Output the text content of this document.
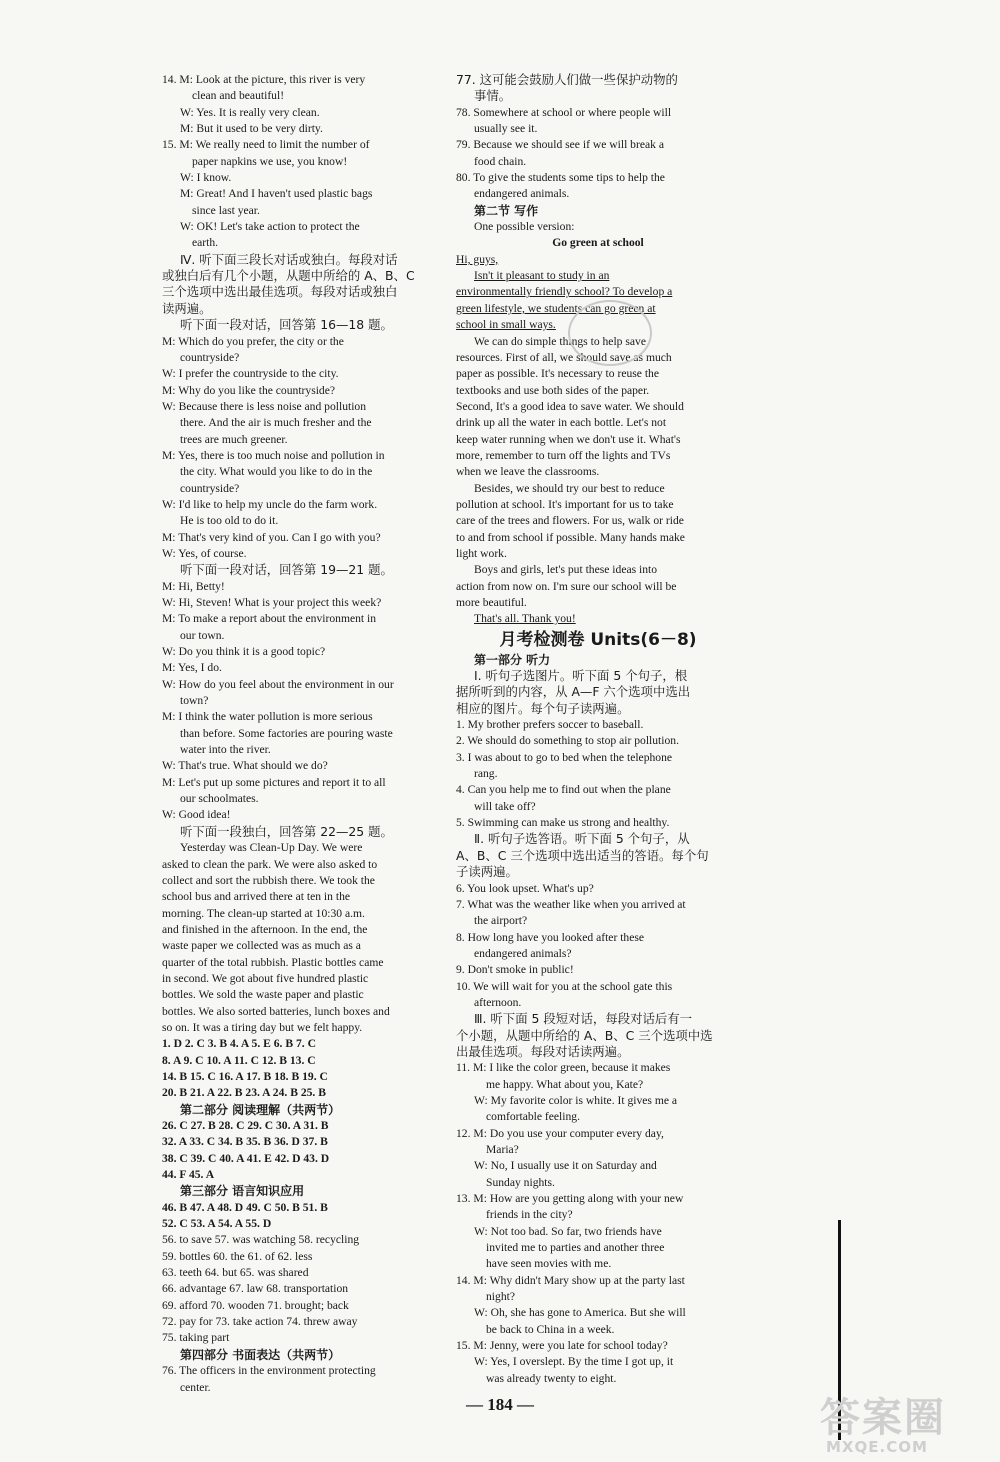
14. M: Look at the picture, this river is very
clean and beautiful!
W: Yes. It is really very clean.
M: But it used to be very dirty.
15. M: We really need to limit the number of
paper napkins we use, you know!
W: I know.
M: Great! And I haven't used plastic bags
since last year.
W: OK! Let's take action to protect the
earth.
Ⅳ. 听下面三段长对话或独白。每段对话
或独白后有几个小题，从题中所给的 A、B、C
三个选项中选出最佳选项。每段对话或独白
读两遍。
听下面一段对话，回答第 16—18 题。
M: Which do you prefer, the city or the
countryside?
W: I prefer the countryside to the city.
M: Why do you like the countryside?
W: Because there is less noise and pollution
there. And the air is much fresher and the
trees are much greener.
M: Yes, there is too much noise and pollution in
the city. What would you like to do in the
countryside?
W: I'd like to help my uncle do the farm work.
He is too old to do it.
M: That's very kind of you. Can I go with you?
W: Yes, of course.
听下面一段对话，回答第 19—21 题。
M: Hi, Betty!
W: Hi, Steven! What is your project this week?
M: To make a report about the environment in
our town.
W: Do you think it is a good topic?
M: Yes, I do.
W: How do you feel about the environment in our
town?
M: I think the water pollution is more serious
than before. Some factories are pouring waste
water into the river.
W: That's true. What should we do?
M: Let's put up some pictures and report it to all
our schoolmates.
W: Good idea!
听下面一段独白，回答第 22—25 题。
Yesterday was Clean-Up Day. We were
asked to clean the park. We were also asked to
collect and sort the rubbish there. We took the
school bus and arrived there at ten in the
morning. The clean-up started at 10:30 a.m.
and finished in the afternoon. In the end, the
waste paper we collected was as much as a
quarter of the total rubbish. Plastic bottles came
in second. We got about five hundred plastic
bottles. We sold the waste paper and plastic
bottles. We also sorted batteries, lunch boxes and
so on. It was a tiring day but we felt happy.
1. D 2. C 3. B 4. A 5. E 6. B 7. C
8. A 9. C 10. A 11. C 12. B 13. C
14. B 15. C 16. A 17. B 18. B 19. C
20. B 21. A 22. B 23. A 24. B 25. B
第二部分 阅读理解（共两节）
26. C 27. B 28. C 29. C 30. A 31. B
32. A 33. C 34. B 35. B 36. D 37. B
38. C 39. C 40. A 41. E 42. D 43. D
44. F 45. A
第三部分 语言知识应用
46. B 47. A 48. D 49. C 50. B 51. B
52. C 53. A 54. A 55. D
56. to save 57. was watching 58. recycling
59. bottles 60. the 61. of 62. less
63. teeth 64. but 65. was shared
66. advantage 67. law 68. transportation
69. afford 70. wooden 71. brought; back
72. pay for 73. take action 74. threw away
75. taking part
第四部分 书面表达（共两节）
76. The officers in the environment protecting
center.
77. 这可能会鼓励人们做一些保护动物的
事情。
78. Somewhere at school or where people will
usually see it.
79. Because we should see if we will break a
food chain.
80. To give the students some tips to help the
endangered animals.
第二节 写作
One possible version:
Go green at school
Hi, guys,
Isn't it pleasant to study in an
environmentally friendly school? To develop a
green lifestyle, we students can go green at
school in small ways.
We can do simple things to help save
resources. First of all, we should save as much
paper as possible. It's necessary to reuse the
textbooks and use both sides of the paper.
Second, It's a good idea to save water. We should
drink up all the water in each bottle. Let's not
keep water running when we don't use it. What's
more, remember to turn off the lights and TVs
when we leave the classrooms.
Besides, we should try our best to reduce
pollution at school. It's important for us to take
care of the trees and flowers. For us, walk or ride
to and from school if possible. Many hands make
light work.
Boys and girls, let's put these ideas into
action from now on. I'm sure our school will be
more beautiful.
That's all. Thank you!
月考检测卷 Units(6－8)
第一部分 听力
Ⅰ. 听句子选图片。听下面 5 个句子，根
据所听到的内容，从 A—F 六个选项中选出
相应的图片。每个句子读两遍。
1. My brother prefers soccer to baseball.
2. We should do something to stop air pollution.
3. I was about to go to bed when the telephone
rang.
4. Can you help me to find out when the plane
will take off?
5. Swimming can make us strong and healthy.
Ⅱ. 听句子选答语。听下面 5 个句子，从
A、B、C 三个选项中选出适当的答语。每个句
子读两遍。
6. You look upset. What's up?
7. What was the weather like when you arrived at
the airport?
8. How long have you looked after these
endangered animals?
9. Don't smoke in public!
10. We will wait for you at the school gate this
afternoon.
Ⅲ. 听下面 5 段短对话，每段对话后有一
个小题，从题中所给的 A、B、C 三个选项中选
出最佳选项。每段对话读两遍。
11. M: I like the color green, because it makes
me happy. What about you, Kate?
W: My favorite color is white. It gives me a
comfortable feeling.
12. M: Do you use your computer every day,
Maria?
W: No, I usually use it on Saturday and
Sunday nights.
13. M: How are you getting along with your new
friends in the city?
W: Not too bad. So far, two friends have
invited me to parties and another three
have seen movies with me.
14. M: Why didn't Mary show up at the party last
night?
W: Oh, she has gone to America. But she will
be back to China in a week.
15. M: Jenny, were you late for school today?
W: Yes, I overslept. By the time I got up, it
was already twenty to eight.
— 184 —	答案圈
MXQE.COM
